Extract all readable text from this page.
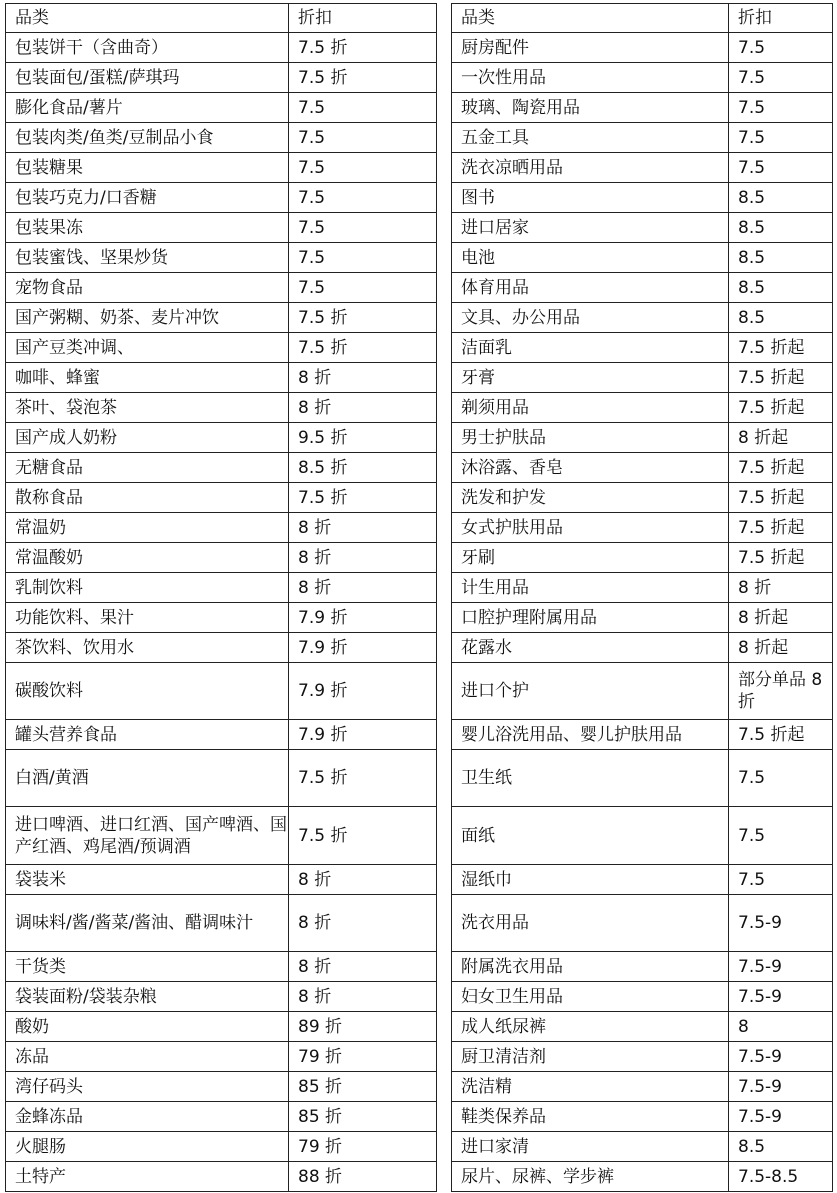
品类	折扣
包装饼干（含曲奇）	7.5 折
包装面包/蛋糕/萨琪玛	7.5 折
膨化食品/薯片	7.5
包装肉类/鱼类/豆制品小食	7.5
包装糖果	7.5
包装巧克力/口香糖	7.5
包装果冻	7.5
包装蜜饯、坚果炒货	7.5
宠物食品	7.5
国产粥糊、奶茶、麦片冲饮	7.5 折
国产豆类冲调、	7.5 折
咖啡、蜂蜜	8 折
茶叶、袋泡茶	8 折
国产成人奶粉	9.5 折
无糖食品	8.5 折
散称食品	7.5 折
常温奶	8 折
常温酸奶	8 折
乳制饮料	8 折
功能饮料、果汁	7.9 折
茶饮料、饮用水	7.9 折
碳酸饮料	7.9 折
罐头营养食品	7.9 折
白酒/黄酒	7.5 折
进口啤酒、进口红酒、国产啤酒、国产红酒、鸡尾酒/预调酒	7.5 折
袋装米	8 折
调味料/酱/酱菜/酱油、醋调味汁	8 折
干货类	8 折
袋装面粉/袋装杂粮	8 折
酸奶	89 折
冻品	79 折
湾仔码头	85 折
金蜂冻品	85 折
火腿肠	79 折
土特产	88 折
品类	折扣
厨房配件	7.5
一次性用品	7.5
玻璃、陶瓷用品	7.5
五金工具	7.5
洗衣凉晒用品	7.5
图书	8.5
进口居家	8.5
电池	8.5
体育用品	8.5
文具、办公用品	8.5
洁面乳	7.5 折起
牙膏	7.5 折起
剃须用品	7.5 折起
男士护肤品	8 折起
沐浴露、香皂	7.5 折起
洗发和护发	7.5 折起
女式护肤用品	7.5 折起
牙刷	7.5 折起
计生用品	8 折
口腔护理附属用品	8 折起
花露水	8 折起
进口个护	部分单品 8 折
婴儿浴洗用品、婴儿护肤用品	7.5 折起
卫生纸	7.5
面纸	7.5
湿纸巾	7.5
洗衣用品	7.5-9
附属洗衣用品	7.5-9
妇女卫生用品	7.5-9
成人纸尿裤	8
厨卫清洁剂	7.5-9
洗洁精	7.5-9
鞋类保养品	7.5-9
进口家清	8.5
尿片、尿裤、学步裤	7.5-8.5
